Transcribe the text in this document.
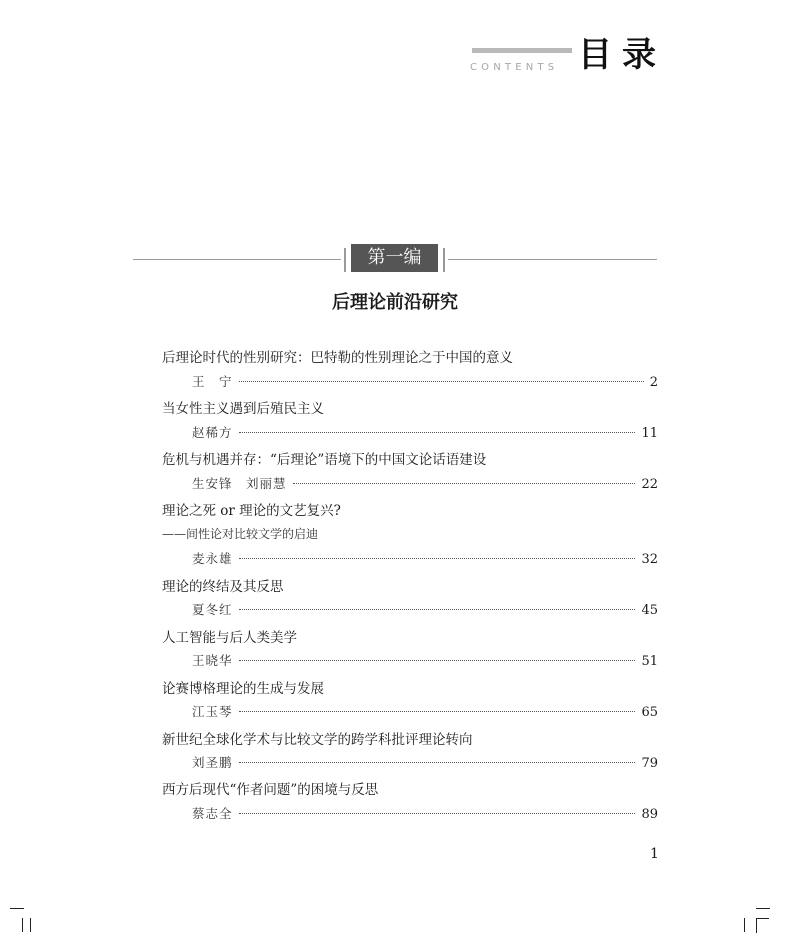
CONTENTS 目录
第一编
后理论前沿研究
后理论时代的性别研究：巴特勒的性别理论之于中国的意义
王　宁	2
当女性主义遇到后殖民主义
赵稀方	11
危机与机遇并存：“后理论”语境下的中国文论话语建设
生安锋　刘丽慧	22
理论之死 or 理论的文艺复兴?
——间性论对比较文学的启迪
麦永雄	32
理论的终结及其反思
夏冬红	45
人工智能与后人类美学
王晓华	51
论赛博格理论的生成与发展
江玉琴	65
新世纪全球化学术与比较文学的跨学科批评理论转向
刘圣鹏	79
西方后现代“作者问题”的困境与反思
蔡志全	89
1
